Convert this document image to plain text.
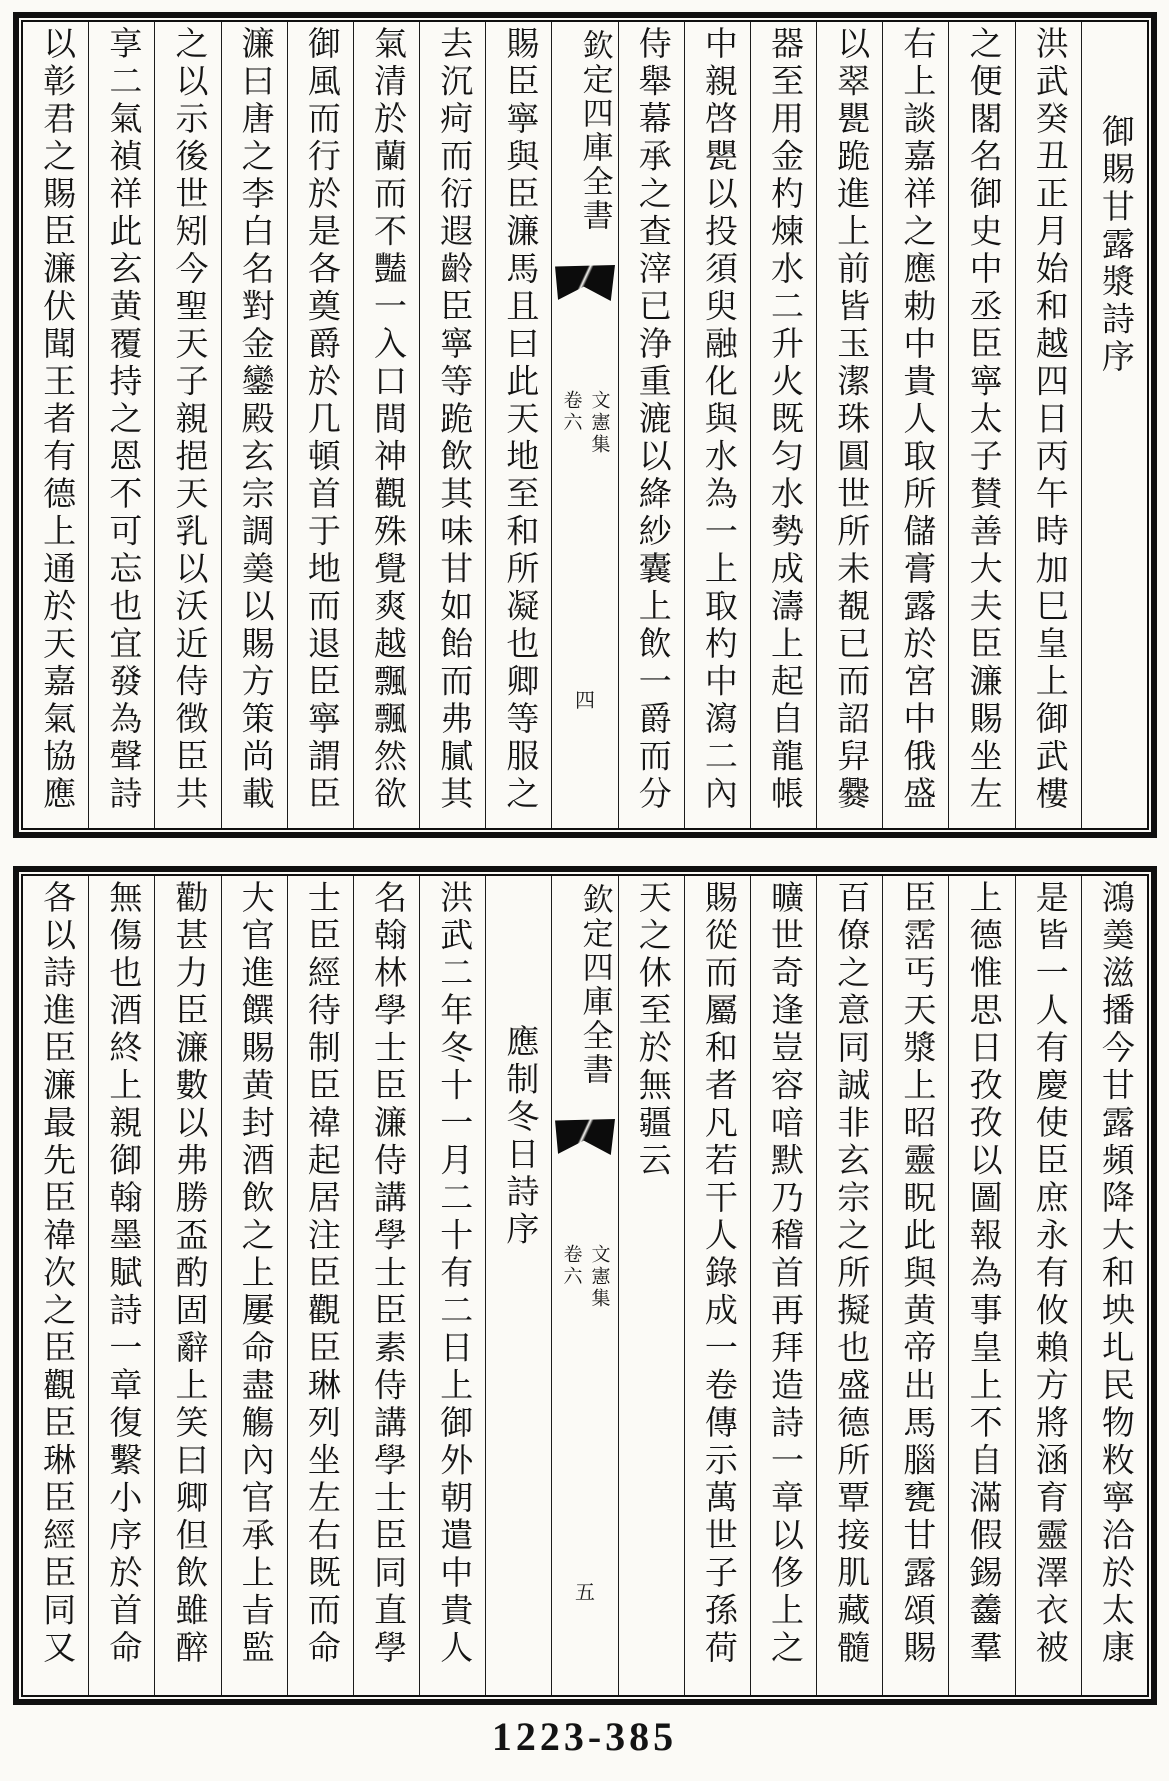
御賜甘露漿詩序
洪武癸丑正月始和越四日丙午時加巳皇上御武樓
之便閣名御史中丞臣寧太子賛善大夫臣濂賜坐左
右上談嘉祥之應勅中貴人取所儲膏露於宮中俄盛
以翠甖跪進上前皆玉潔珠圓世所未覩已而詔舁爨
器至用金杓煉水二升火既匀水勢成濤上起自龍帳
中親啓甖以投須臾融化與水為一上取杓中瀉二內
侍舉幕承之查滓已浄重漉以絳紗囊上飲一爵而分
欽定四庫全書
卷六 文憲集
四
賜臣寧與臣濂馬且曰此天地至和所凝也卿等服之
去沉疴而衍遐齡臣寧等跪飲其味甘如飴而弗膩其
氣清於蘭而不豔一入口間神觀殊覺爽越飄飄然欲
御風而行於是各奠爵於几頓首于地而退臣寧謂臣
濂曰唐之李白名對金鑾殿玄宗調羮以賜方策尚載
之以示後世矧今聖天子親挹天乳以沃近侍徴臣共
享二氣禎祥此玄黄覆持之恩不可忘也宜發為聲詩
以彰君之賜臣濂伏聞王者有德上通於天嘉氣協應
鴻羮滋播今甘露頻降大和坱圠民物敉寧洽於太康
是皆一人有慶使臣庶永有攸賴方將涵育靈澤衣被
上德惟思日孜孜以圖報為事皇上不自滿假錫齹羣
臣霑丐天漿上昭靈眖此與黄帝出馬腦甕甘露頌賜
百僚之意同誠非玄宗之所擬也盛德所覃接肌藏髓
曠世奇逢豈容喑默乃稽首再拜造詩一章以侈上之
賜從而屬和者凡若干人錄成一卷傳示萬世子孫荷
天之休至於無疆云
欽定四庫全書
卷六 文憲集
五
應制冬日詩序
洪武二年冬十一月二十有二日上御外朝遣中貴人
名翰林學士臣濂侍講學士臣素侍講學士臣同直學
士臣經待制臣禕起居注臣觀臣琳列坐左右既而命
大官進饌賜黄封酒飲之上屢命盡觴內官承上㫖監
勸甚力臣濂數以弗勝盃酌固辭上笑曰卿但飲雖醉
無傷也酒終上親御翰墨賦詩一章復繫小序於首命
各以詩進臣濂最先臣禕次之臣觀臣琳臣經臣同又
1223-385
